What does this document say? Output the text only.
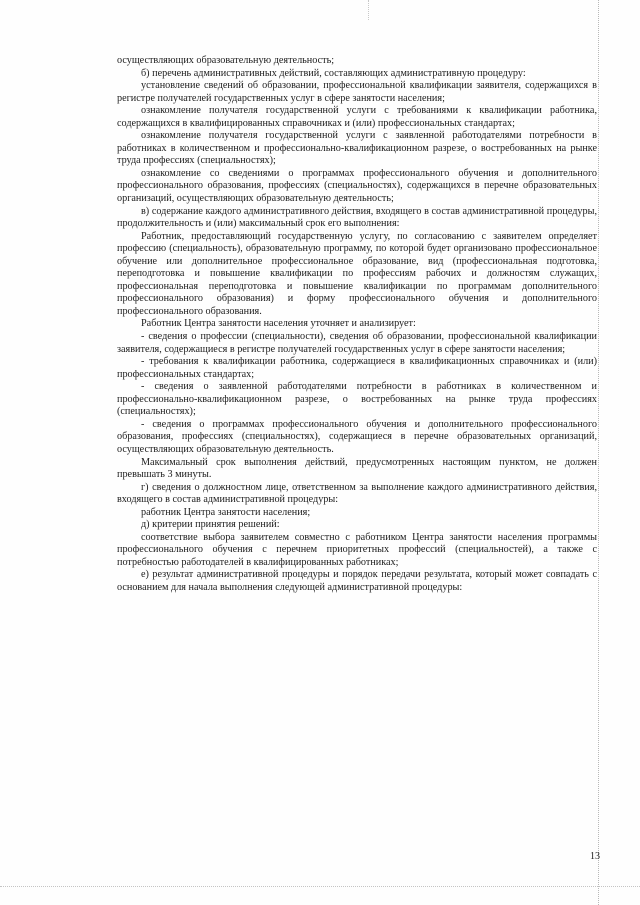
осуществляющих образовательную деятельность;

б) перечень административных действий, составляющих административную процедуру:

установление сведений об образовании, профессиональной квалификации заявителя, содержащихся в регистре получателей государственных услуг в сфере занятости населения;

ознакомление получателя государственной услуги с требованиями к квалификации работника, содержащихся в квалифицированных справочниках и (или) профессиональных стандартах;

ознакомление получателя государственной услуги с заявленной работодателями потребности в работниках в количественном и профессионально-квалификационном разрезе, о востребованных на рынке труда профессиях (специальностях);

ознакомление со сведениями о программах профессионального обучения и дополнительного профессионального образования, профессиях (специальностях), содержащихся в перечне образовательных организаций, осуществляющих образовательную деятельность;

в) содержание каждого административного действия, входящего в состав административной процедуры, продолжительность и (или) максимальный срок его выполнения:

Работник, предоставляющий государственную услугу, по согласованию с заявителем определяет профессию (специальность), образовательную программу, по которой будет организовано профессиональное обучение или дополнительное профессиональное образование, вид (профессиональная подготовка, переподготовка и повышение квалификации по профессиям рабочих и должностям служащих, профессиональная переподготовка и повышение квалификации по программам дополнительного профессионального образования) и форму профессионального обучения и дополнительного профессионального образования.

Работник Центра занятости населения уточняет и анализирует:

- сведения о профессии (специальности), сведения об образовании, профессиональной квалификации заявителя, содержащиеся в регистре получателей государственных услуг в сфере занятости населения;

- требования к квалификации работника, содержащиеся в квалификационных справочниках и (или) профессиональных стандартах;

- сведения о заявленной работодателями потребности в работниках в количественном и профессионально-квалификационном разрезе, о востребованных на рынке труда профессиях (специальностях);

- сведения о программах профессионального обучения и дополнительного профессионального образования, профессиях (специальностях), содержащиеся в перечне образовательных организаций, осуществляющих образовательную деятельность.

Максимальный срок выполнения действий, предусмотренных настоящим пунктом, не должен превышать 3 минуты.

г) сведения о должностном лице, ответственном за выполнение каждого административного действия, входящего в состав административной процедуры:

работник Центра занятости населения;

д) критерии принятия решений:

соответствие выбора заявителем совместно с работником Центра занятости населения программы профессионального обучения с перечнем приоритетных профессий (специальностей), а также с потребностью работодателей в квалифицированных работниках;

е) результат административной процедуры и порядок передачи результата, который может совпадать с основанием для начала выполнения следующей административной процедуры:

13
